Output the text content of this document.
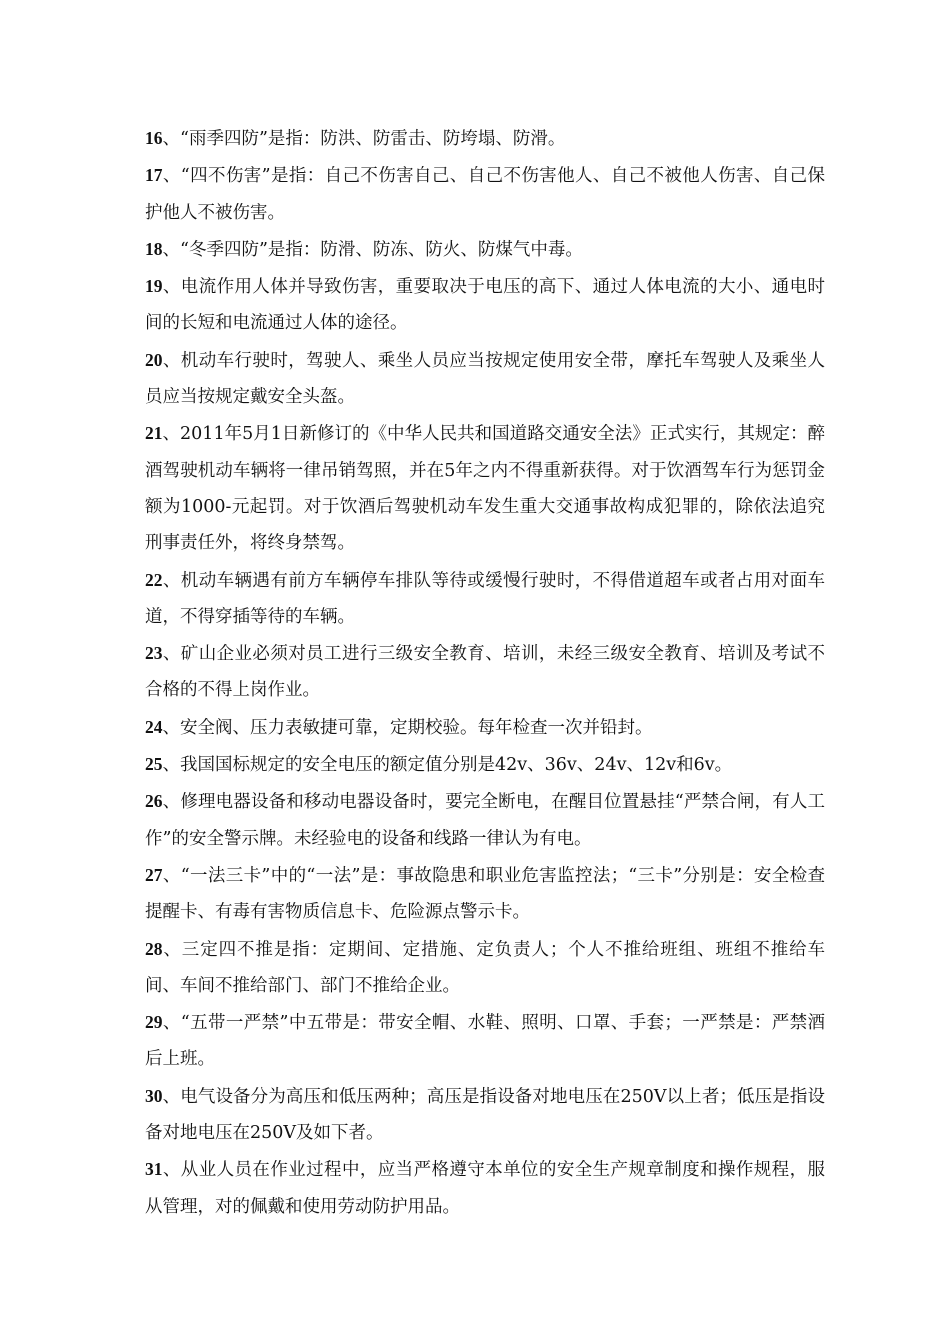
16、“雨季四防”是指：防洪、防雷击、防垮塌、防滑。

17、“四不伤害”是指：自己不伤害自己、自己不伤害他人、自己不被他人伤害、自己保护他人不被伤害。

18、“冬季四防”是指：防滑、防冻、防火、防煤气中毒。

19、电流作用人体并导致伤害，重要取决于电压的高下、通过人体电流的大小、通电时间的长短和电流通过人体的途径。

20、机动车行驶时，驾驶人、乘坐人员应当按规定使用安全带，摩托车驾驶人及乘坐人员应当按规定戴安全头盔。

21、2011年5月1日新修订的《中华人民共和国道路交通安全法》正式实行，其规定：醉酒驾驶机动车辆将一律吊销驾照，并在5年之内不得重新获得。对于饮酒驾车行为惩罚金额为1000-元起罚。对于饮酒后驾驶机动车发生重大交通事故构成犯罪的，除依法追究刑事责任外，将终身禁驾。

22、机动车辆遇有前方车辆停车排队等待或缓慢行驶时，不得借道超车或者占用对面车道，不得穿插等待的车辆。

23、矿山企业必须对员工进行三级安全教育、培训，未经三级安全教育、培训及考试不合格的不得上岗作业。

24、安全阀、压力表敏捷可靠，定期校验。每年检查一次并铅封。

25、我国国标规定的安全电压的额定值分别是42v、36v、24v、12v和6v。

26、修理电器设备和移动电器设备时，要完全断电，在醒目位置悬挂“严禁合闸，有人工作”的安全警示牌。未经验电的设备和线路一律认为有电。

27、“一法三卡”中的“一法”是：事故隐患和职业危害监控法；“三卡”分别是：安全检查提醒卡、有毒有害物质信息卡、危险源点警示卡。

28、三定四不推是指：定期间、定措施、定负责人；个人不推给班组、班组不推给车间、车间不推给部门、部门不推给企业。

29、“五带一严禁”中五带是：带安全帽、水鞋、照明、口罩、手套；一严禁是：严禁酒后上班。

30、电气设备分为高压和低压两种；高压是指设备对地电压在250V以上者；低压是指设备对地电压在250V及如下者。

31、从业人员在作业过程中，应当严格遵守本单位的安全生产规章制度和操作规程，服从管理，对的佩戴和使用劳动防护用品。
